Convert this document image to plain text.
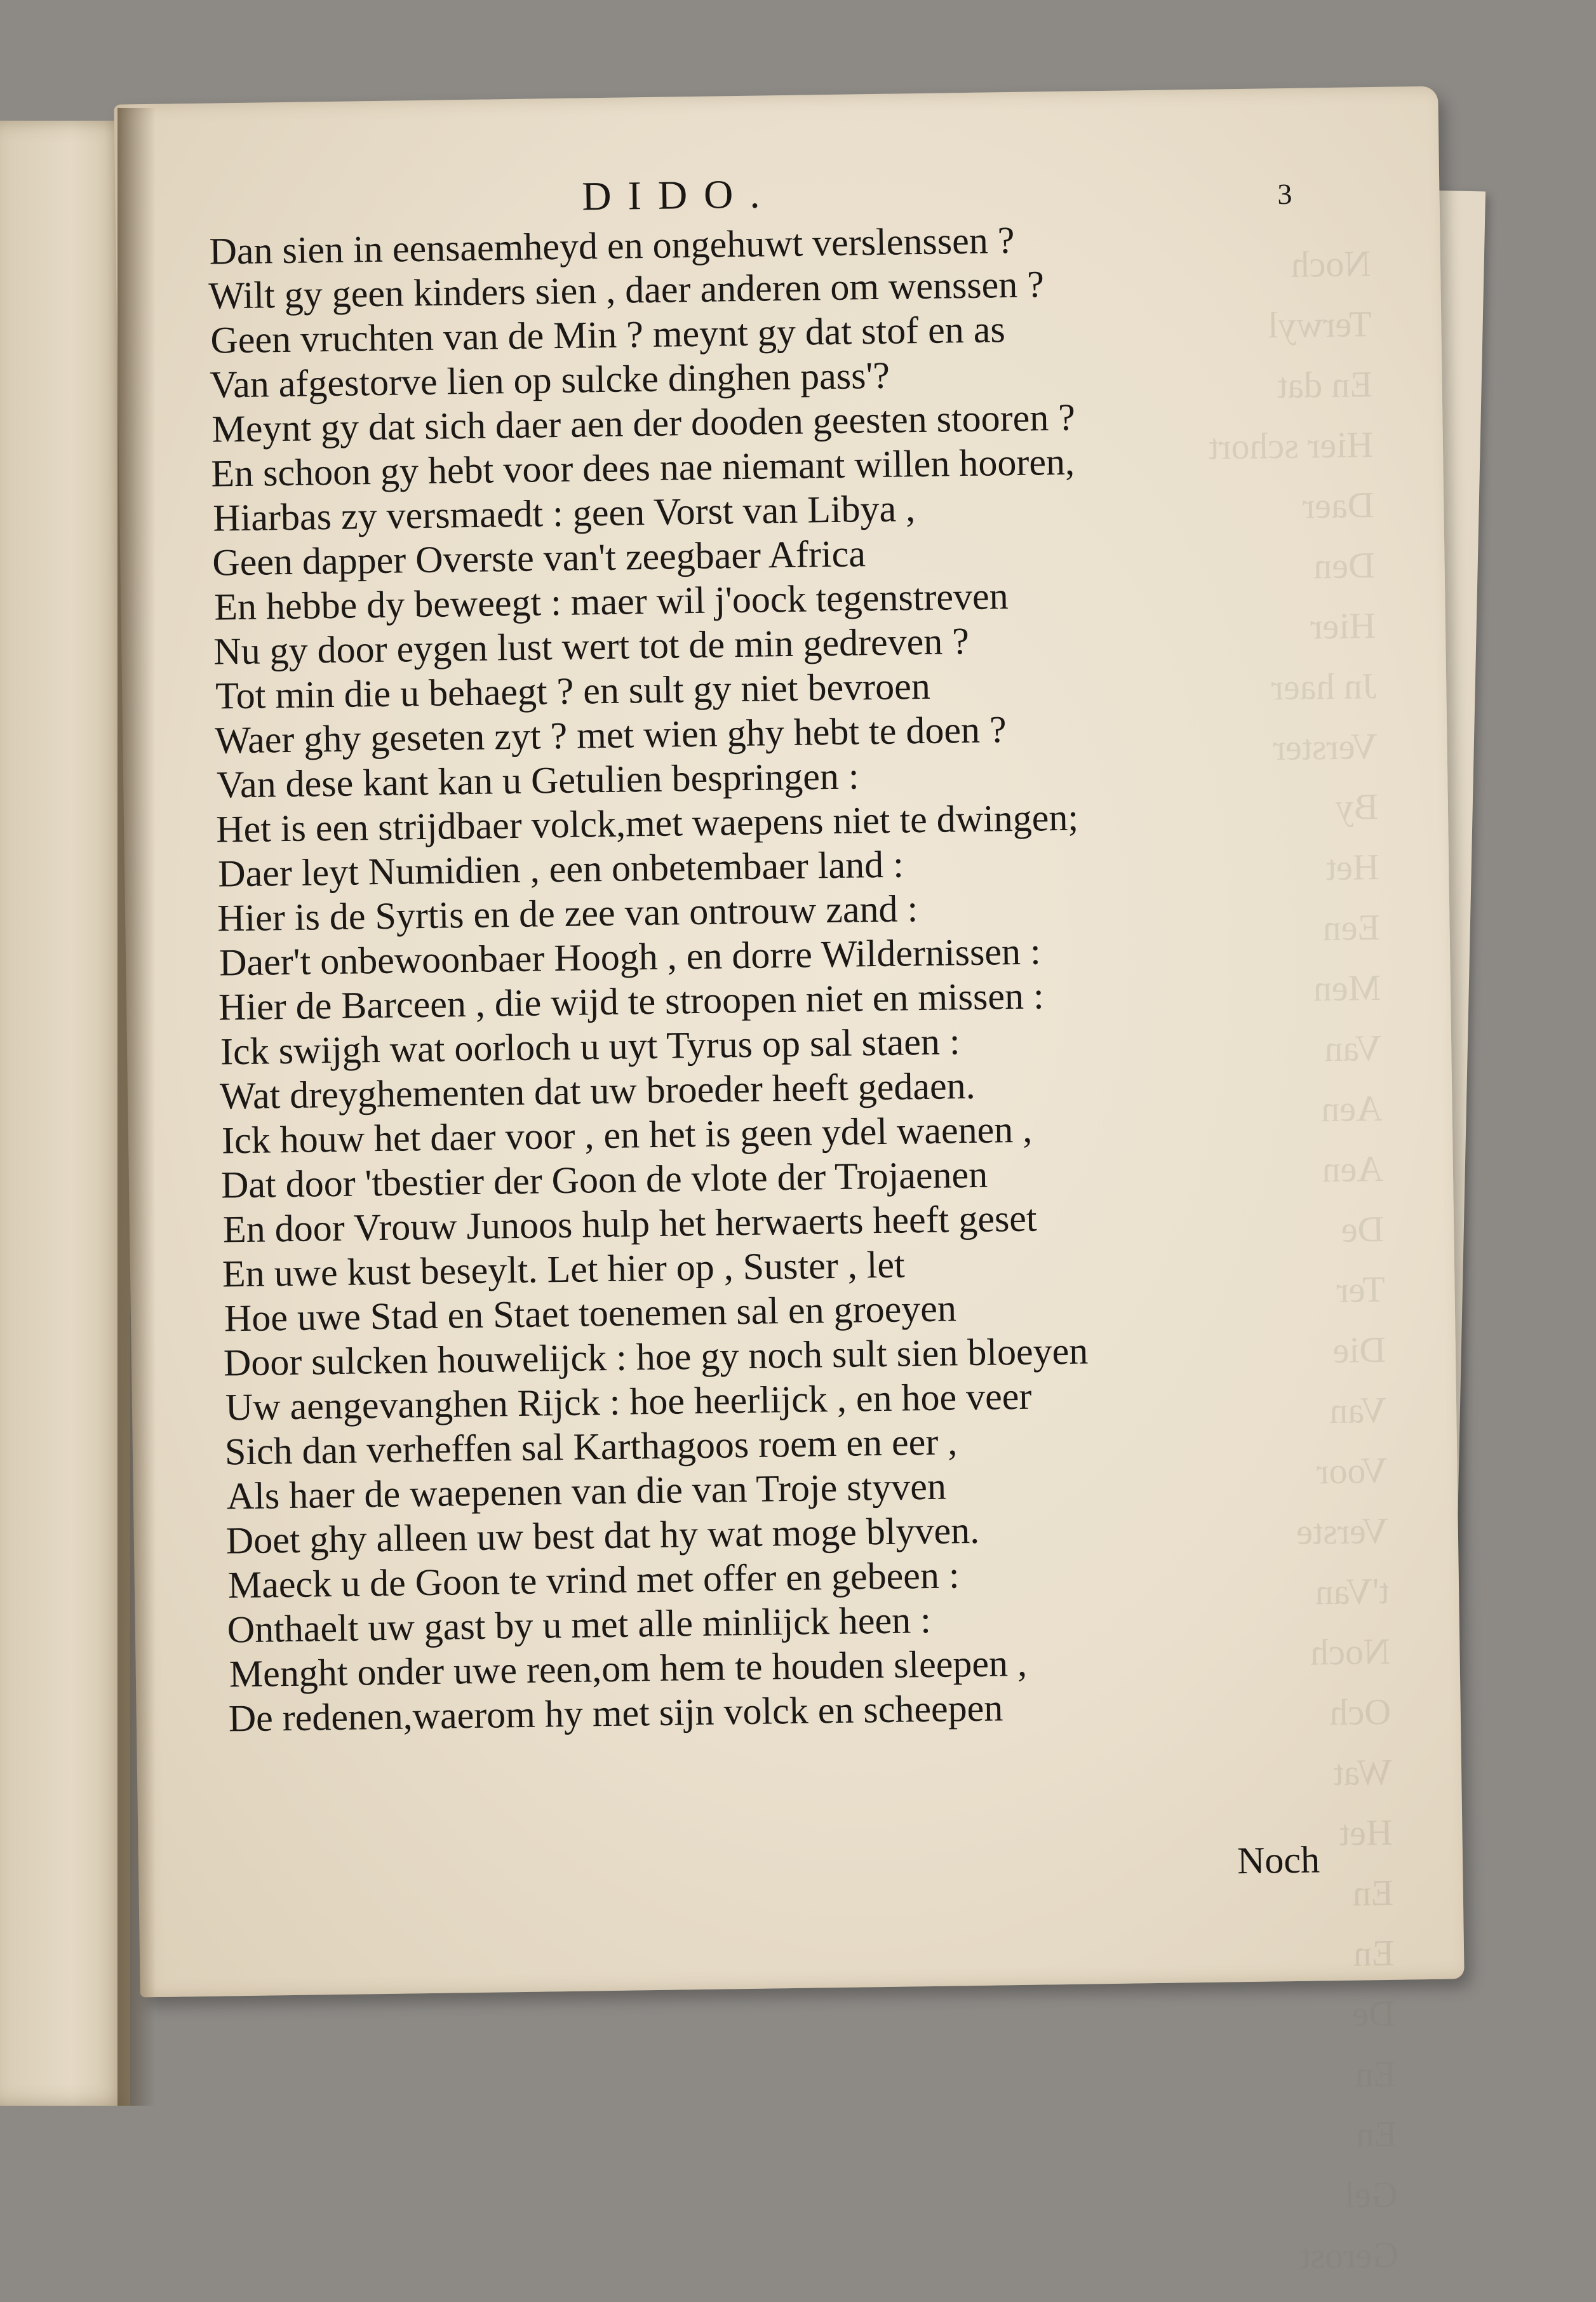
Noch
Terwyl
En dat
Hier schort
Daer
Den
Hier
Jn haer
Verster
By
Het
Een
Men
Van
Aen
Aen
De
Ter
Die
Van
Voor
Verste
t'Van
Noch
Och
Wat
Het
En
En
De
En
En
Gel
Gerost
DIDO.	3
Dan sien in eensaemheyd en ongehuwt verslenssen ?
Wilt gy geen kinders sien , daer anderen om wenssen ?
Geen vruchten van de Min ? meynt gy dat stof en as
Van afgestorve lien op sulcke dinghen pass'?
Meynt gy dat sich daer aen der dooden geesten stooren ?
En schoon gy hebt voor dees nae niemant willen hooren,
Hiarbas zy versmaedt : geen Vorst van Libya ,
Geen dapper Overste van't zeegbaer Africa
En hebbe dy beweegt : maer wil j'oock tegenstreven
Nu gy door eygen lust wert tot de min gedreven ?
Tot min die u behaegt ? en sult gy niet bevroen
Waer ghy geseten zyt ? met wien ghy hebt te doen ?
Van dese kant kan u Getulien bespringen :
Het is een strijdbaer volck,met waepens niet te dwingen;
Daer leyt Numidien , een onbetembaer land :
Hier is de Syrtis en de zee van ontrouw zand :
Daer't onbewoonbaer Hoogh , en dorre Wildernissen :
Hier de Barceen , die wijd te stroopen niet en missen :
Ick swijgh wat oorloch u uyt Tyrus op sal staen :
Wat dreyghementen dat uw broeder heeft gedaen.
Ick houw het daer voor , en het is geen ydel waenen ,
Dat door 'tbestier der Goon de vlote der Trojaenen
En door Vrouw Junoos hulp het herwaerts heeft geset
En uwe kust beseylt. Let hier op , Suster , let
Hoe uwe Stad en Staet toenemen sal en groeyen
Door sulcken houwelijck : hoe gy noch sult sien bloeyen
Uw aengevanghen Rijck : hoe heerlijck , en hoe veer
Sich dan verheffen sal Karthagoos roem en eer ,
Als haer de waepenen van die van Troje styven
Doet ghy alleen uw best dat hy wat moge blyven.
Maeck u de Goon te vrind met offer en gebeen :
Onthaelt uw gast by u met alle minlijck heen :
Menght onder uwe reen,om hem te houden sleepen ,
De redenen,waerom hy met sijn volck en scheepen
Noch
